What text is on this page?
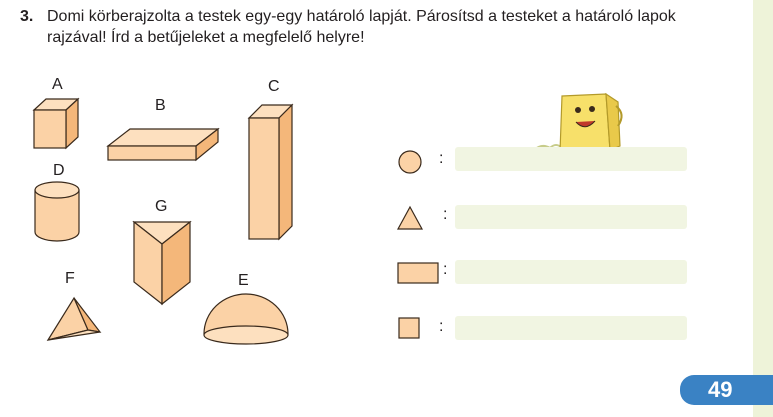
3. Domi körberajzolta a testek egy-egy határoló lapját. Párosítsd a testeket a határoló lapok rajzával! Írd a betűjeleket a megfelelő helyre!
A
B
C
D
G
F	E
:
:
:
:
49
